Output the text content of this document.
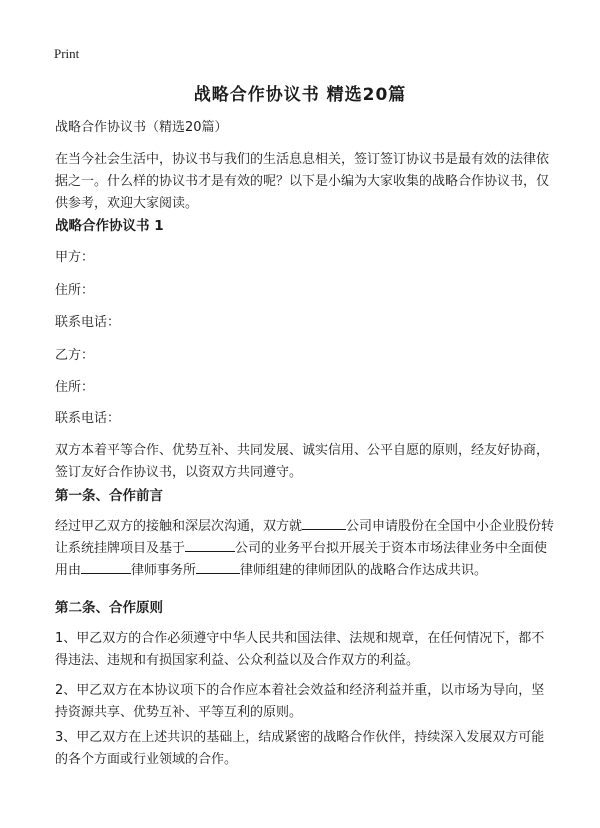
Print
战略合作协议书 精选20篇

战略合作协议书（精选20篇）

在当今社会生活中，协议书与我们的生活息息相关，签订签订协议书是最有效的法律依据之一。什么样的协议书才是有效的呢？以下是小编为大家收集的战略合作协议书，仅供参考，欢迎大家阅读。

战略合作协议书 1

甲方：

住所：

联系电话：

乙方：

住所：

联系电话：

双方本着平等合作、优势互补、共同发展、诚实信用、公平自愿的原则，经友好协商，签订友好合作协议书，以资双方共同遵守。

第一条、合作前言

经过甲乙双方的接触和深层次沟通，双方就	公司申请股份在全国中小企业股份转让系统挂牌项目及基于	公司的业务平台拟开展关于资本市场法律业务中全面使用由	律师事务所	律师组建的律师团队的战略合作达成共识。

第二条、合作原则

1、甲乙双方的合作必须遵守中华人民共和国法律、法规和规章，在任何情况下，都不得违法、违规和有损国家利益、公众利益以及合作双方的利益。

2、甲乙双方在本协议项下的合作应本着社会效益和经济利益并重，以市场为导向，坚持资源共享、优势互补、平等互利的原则。

3、甲乙双方在上述共识的基础上，结成紧密的战略合作伙伴，持续深入发展双方可能的各个方面或行业领域的合作。
